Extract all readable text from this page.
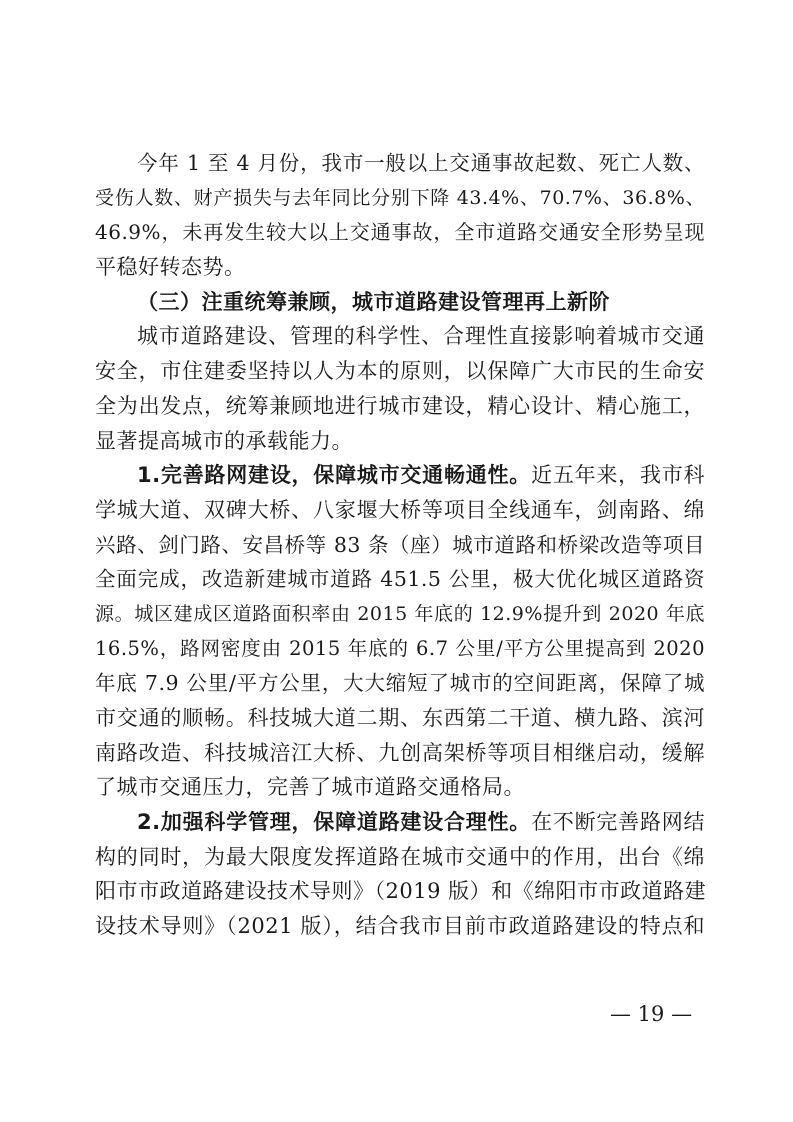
今年 1 至 4 月份，我市一般以上交通事故起数、死亡人数、
受伤人数、财产损失与去年同比分别下降 43.4%、70.7%、36.8%、
46.9%，未再发生较大以上交通事故，全市道路交通安全形势呈现
平稳好转态势。
（三）注重统筹兼顾，城市道路建设管理再上新阶
城市道路建设、管理的科学性、合理性直接影响着城市交通
安全，市住建委坚持以人为本的原则，以保障广大市民的生命安
全为出发点，统筹兼顾地进行城市建设，精心设计、精心施工，
显著提高城市的承载能力。
1.完善路网建设，保障城市交通畅通性。近五年来，我市科
学城大道、双碑大桥、八家堰大桥等项目全线通车，剑南路、绵
兴路、剑门路、安昌桥等 83 条（座）城市道路和桥梁改造等项目
全面完成，改造新建城市道路 451.5 公里，极大优化城区道路资
源。城区建成区道路面积率由 2015 年底的 12.9%提升到 2020 年底
16.5%，路网密度由 2015 年底的 6.7 公里/平方公里提高到 2020
年底 7.9 公里/平方公里，大大缩短了城市的空间距离，保障了城
市交通的顺畅。科技城大道二期、东西第二干道、横九路、滨河
南路改造、科技城涪江大桥、九创高架桥等项目相继启动，缓解
了城市交通压力，完善了城市道路交通格局。
2.加强科学管理，保障道路建设合理性。在不断完善路网结
构的同时，为最大限度发挥道路在城市交通中的作用，出台《绵
阳市市政道路建设技术导则》（2019 版）和《绵阳市市政道路建
设技术导则》（2021 版），结合我市目前市政道路建设的特点和
— 19 —
